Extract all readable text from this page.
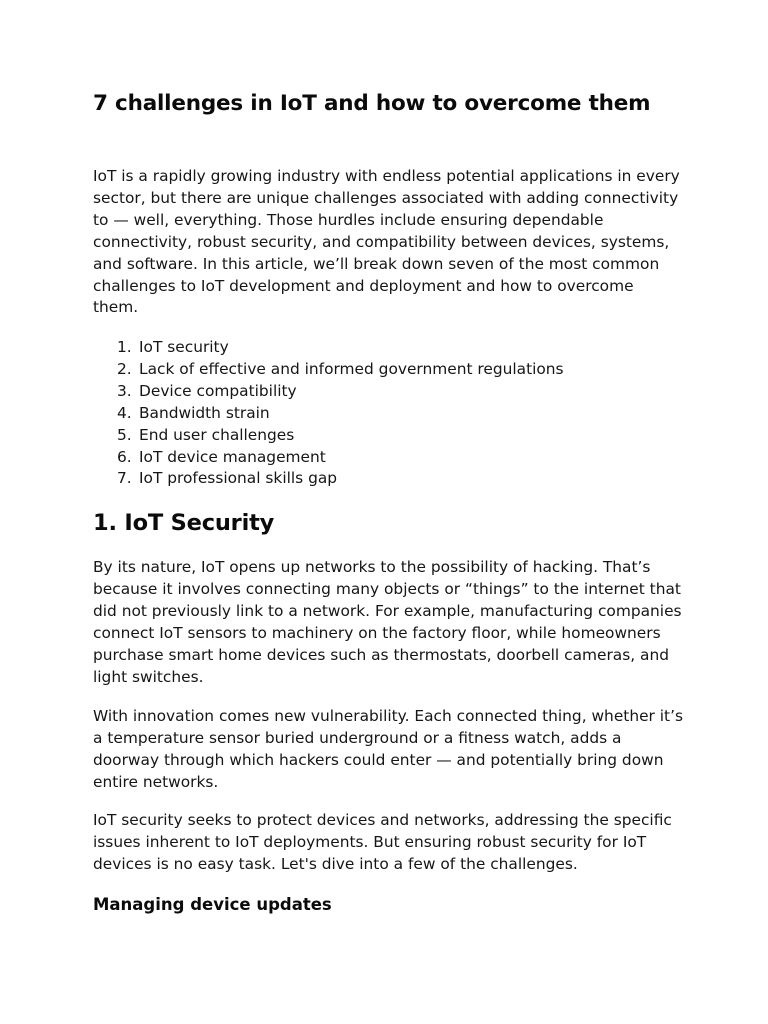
7 challenges in IoT and how to overcome them

IoT is a rapidly growing industry with endless potential applications in every sector, but there are unique challenges associated with adding connectivity to — well, everything. Those hurdles include ensuring dependable connectivity, robust security, and compatibility between devices, systems, and software. In this article, we’ll break down seven of the most common challenges to IoT development and deployment and how to overcome them.

1. IoT security
2. Lack of effective and informed government regulations
3. Device compatibility
4. Bandwidth strain
5. End user challenges
6. IoT device management
7. IoT professional skills gap
1. IoT Security

By its nature, IoT opens up networks to the possibility of hacking. That’s because it involves connecting many objects or “things” to the internet that did not previously link to a network. For example, manufacturing companies connect IoT sensors to machinery on the factory floor, while homeowners purchase smart home devices such as thermostats, doorbell cameras, and light switches.

With innovation comes new vulnerability. Each connected thing, whether it’s a temperature sensor buried underground or a fitness watch, adds a doorway through which hackers could enter — and potentially bring down entire networks.

IoT security seeks to protect devices and networks, addressing the specific issues inherent to IoT deployments. But ensuring robust security for IoT devices is no easy task. Let's dive into a few of the challenges.

Managing device updates
